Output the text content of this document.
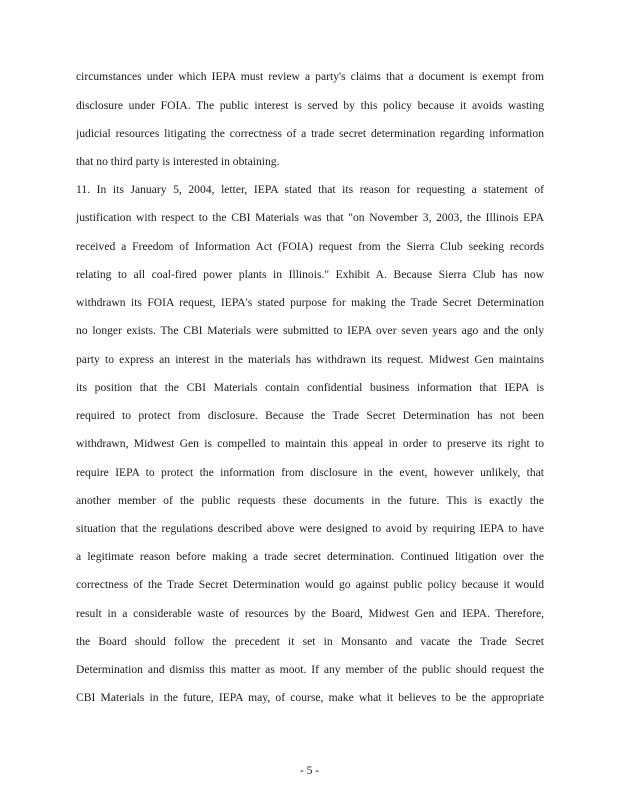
circumstances under which IEPA must review a party's claims that a document is exempt from
disclosure under FOIA. The public interest is served by this policy because it avoids wasting
judicial resources litigating the correctness of a trade secret determination regarding information
that no third party is interested in obtaining.
11. In its January 5, 2004, letter, IEPA stated that its reason for requesting a statement of
justification with respect to the CBI Materials was that "on November 3, 2003, the Illinois EPA
received a Freedom of Information Act (FOIA) request from the Sierra Club seeking records
relating to all coal-fired power plants in Illinois." Exhibit A. Because Sierra Club has now
withdrawn its FOIA request, IEPA's stated purpose for making the Trade Secret Determination
no longer exists. The CBI Materials were submitted to IEPA over seven years ago and the only
party to express an interest in the materials has withdrawn its request. Midwest Gen maintains
its position that the CBI Materials contain confidential business information that IEPA is
required to protect from disclosure. Because the Trade Secret Determination has not been
withdrawn, Midwest Gen is compelled to maintain this appeal in order to preserve its right to
require IEPA to protect the information from disclosure in the event, however unlikely, that
another member of the public requests these documents in the future. This is exactly the
situation that the regulations described above were designed to avoid by requiring IEPA to have
a legitimate reason before making a trade secret determination. Continued litigation over the
correctness of the Trade Secret Determination would go against public policy because it would
result in a considerable waste of resources by the Board, Midwest Gen and IEPA. Therefore,
the Board should follow the precedent it set in Monsanto and vacate the Trade Secret
Determination and dismiss this matter as moot. If any member of the public should request the
CBI Materials in the future, IEPA may, of course, make what it believes to be the appropriate
- 5 -
